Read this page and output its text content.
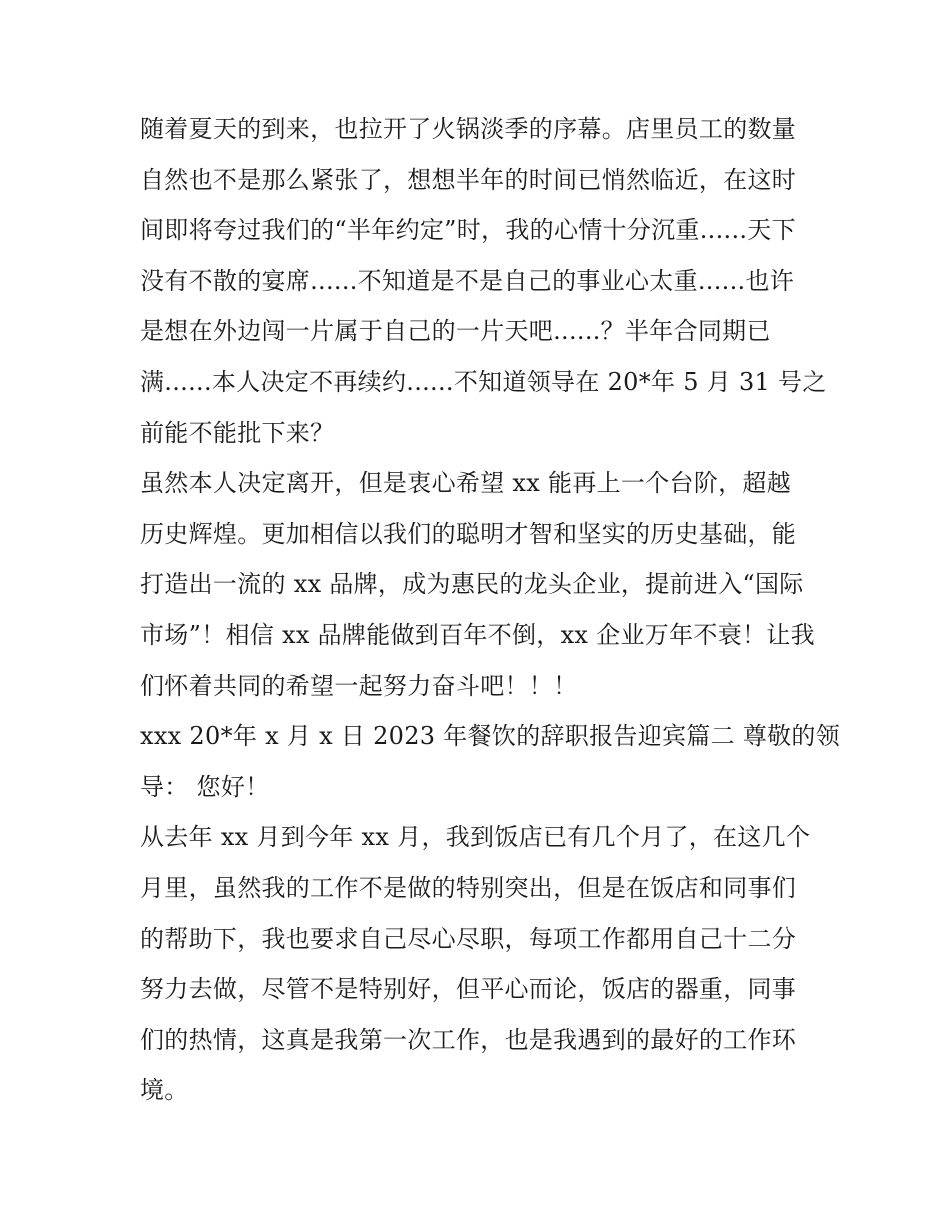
随着夏天的到来，也拉开了火锅淡季的序幕。店里员工的数量
自然也不是那么紧张了，想想半年的时间已悄然临近，在这时
间即将夸过我们的“半年约定”时，我的心情十分沉重......天下
没有不散的宴席......不知道是不是自己的事业心太重......也许
是想在外边闯一片属于自己的一片天吧......？半年合同期已
满......本人决定不再续约......不知道领导在 20*年 5 月 31 号之
前能不能批下来？

虽然本人决定离开，但是衷心希望 xx 能再上一个台阶，超越
历史辉煌。更加相信以我们的聪明才智和坚实的历史基础，能
打造出一流的 xx 品牌，成为惠民的龙头企业，提前进入“国际
市场”！相信 xx 品牌能做到百年不倒，xx 企业万年不衰！让我
们怀着共同的希望一起努力奋斗吧！！！

xxx 20*年 x 月 x 日 2023 年餐饮的辞职报告迎宾篇二 尊敬的领
导： 您好！

从去年 xx 月到今年 xx 月，我到饭店已有几个月了，在这几个
月里，虽然我的工作不是做的特别突出，但是在饭店和同事们
的帮助下，我也要求自己尽心尽职，每项工作都用自己十二分
努力去做，尽管不是特别好，但平心而论，饭店的器重，同事
们的热情，这真是我第一次工作，也是我遇到的最好的工作环
境。
